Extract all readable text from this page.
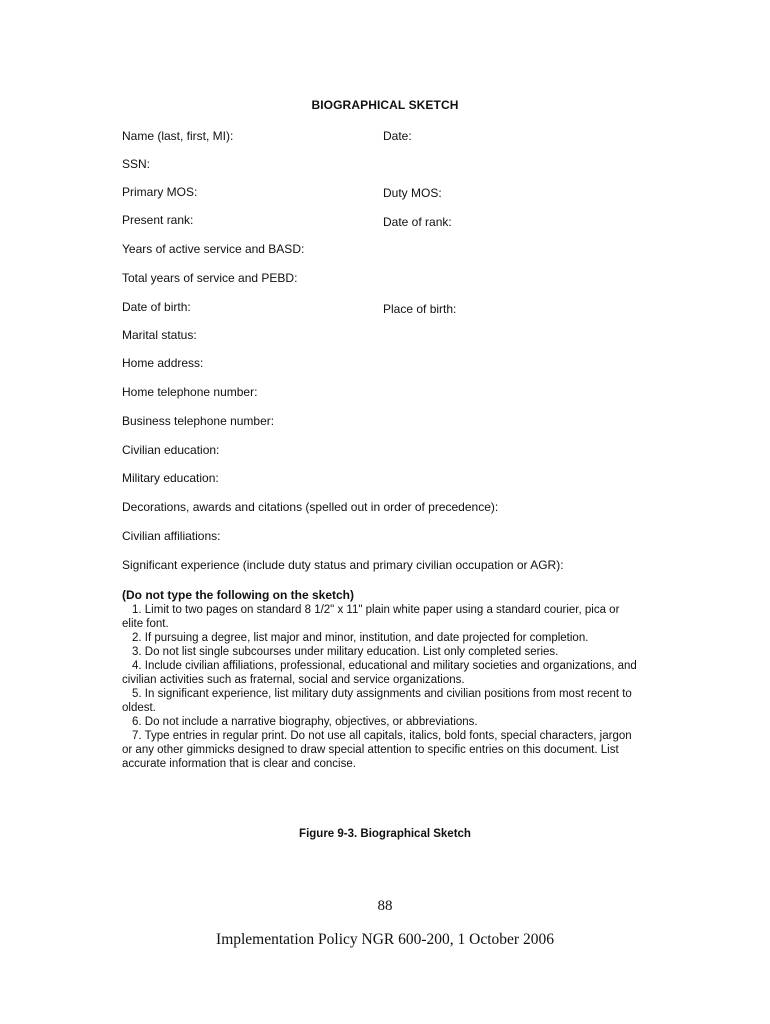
BIOGRAPHICAL SKETCH
Name (last, first, MI):	Date:
SSN:
Primary MOS:	Duty MOS:
Present rank:	Date of rank:
Years of active service and BASD:
Total years of service and PEBD:
Date of birth:	Place of birth:
Marital status:
Home address:
Home telephone number:
Business telephone number:
Civilian education:
Military education:
Decorations, awards and citations (spelled out in order of precedence):
Civilian affiliations:
Significant experience (include duty status and primary civilian occupation or AGR):
(Do not type the following on the sketch)

1. Limit to two pages on standard 8 1/2" x 11" plain white paper using a standard courier, pica or elite font.

2. If pursuing a degree, list major and minor, institution, and date projected for completion.

3. Do not list single subcourses under military education. List only completed series.

4. Include civilian affiliations, professional, educational and military societies and organizations, and civilian activities such as fraternal, social and service organizations.

5. In significant experience, list military duty assignments and civilian positions from most recent to oldest.

6. Do not include a narrative biography, objectives, or abbreviations.

7. Type entries in regular print. Do not use all capitals, italics, bold fonts, special characters, jargon or any other gimmicks designed to draw special attention to specific entries on this document. List accurate information that is clear and concise.

Figure 9-3. Biographical Sketch
88
Implementation Policy NGR 600-200, 1 October 2006
